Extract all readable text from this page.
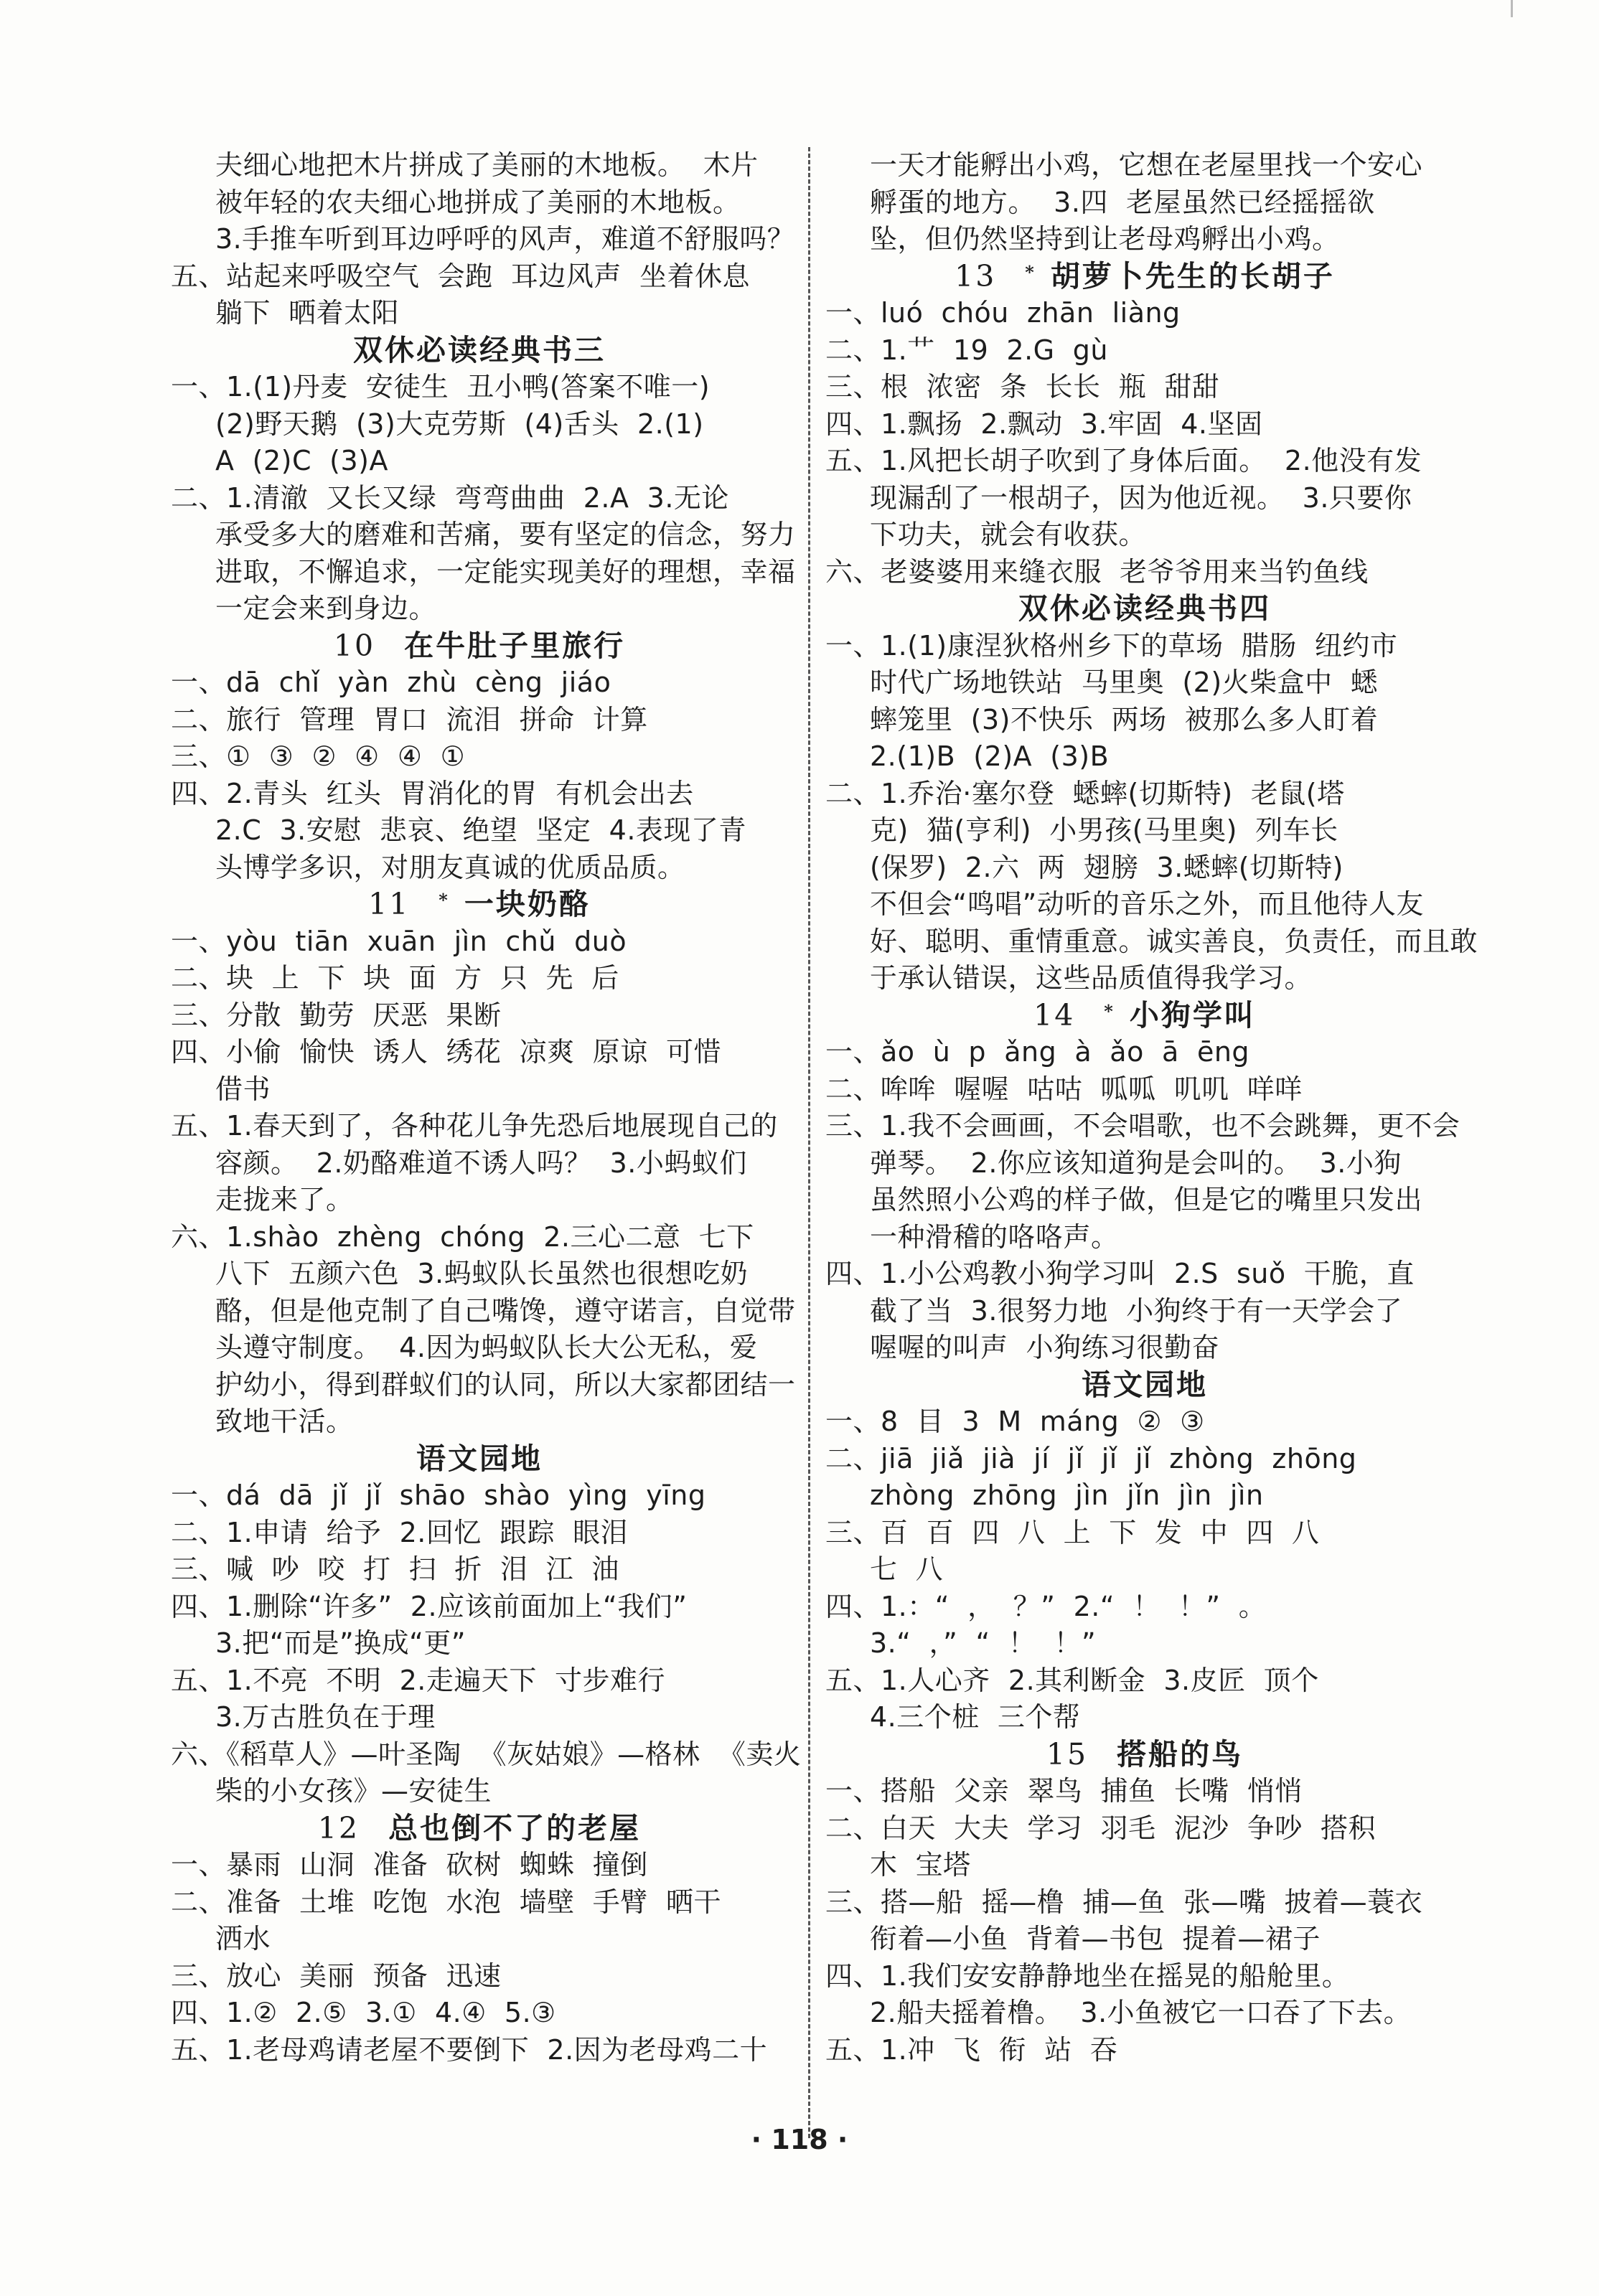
夫细心地把木片拼成了美丽的木地板。  木片
被年轻的农夫细心地拼成了美丽的木地板。
3.手推车听到耳边呼呼的风声，难道不舒服吗？
五、站起来呼吸空气  会跑  耳边风声  坐着休息
躺下  晒着太阳
双休必读经典书三
一、1.(1)丹麦  安徒生  丑小鸭(答案不唯一)
(2)野天鹅  (3)大克劳斯  (4)舌头  2.(1)
A  (2)C  (3)A
二、1.清澈  又长又绿  弯弯曲曲  2.A  3.无论
承受多大的磨难和苦痛，要有坚定的信念，努力
进取，不懈追求，一定能实现美好的理想，幸福
一定会来到身边。
10 在牛肚子里旅行
一、dā  chǐ  yàn  zhù  cèng  jiáo
二、旅行  管理  胃口  流泪  拼命  计算
三、①  ③  ②  ④  ④  ①
四、2.青头  红头  胃消化的胃  有机会出去
2.C  3.安慰  悲哀、绝望  坚定  4.表现了青
头博学多识，对朋友真诚的优质品质。
11 * 一块奶酪
一、yòu  tiān  xuān  jìn  chǔ  duò
二、块  上  下  块  面  方  只  先  后
三、分散  勤劳  厌恶  果断
四、小偷  愉快  诱人  绣花  凉爽  原谅  可惜
借书
五、1.春天到了，各种花儿争先恐后地展现自己的
容颜。  2.奶酪难道不诱人吗？  3.小蚂蚁们
走拢来了。
六、1.shào  zhèng  chóng  2.三心二意  七下
八下  五颜六色  3.蚂蚁队长虽然也很想吃奶
酪，但是他克制了自己嘴馋，遵守诺言，自觉带
头遵守制度。  4.因为蚂蚁队长大公无私，爱
护幼小，得到群蚁们的认同，所以大家都团结一
致地干活。
语文园地
一、dá  dā  jǐ  jǐ  shāo  shào  yìng  yīng
二、1.申请  给予  2.回忆  跟踪  眼泪
三、喊  吵  咬  打  扫  折  泪  江  油
四、1.删除“许多”  2.应该前面加上“我们”
3.把“而是”换成“更”
五、1.不亮  不明  2.走遍天下  寸步难行
3.万古胜负在于理
六、《稻草人》—叶圣陶  《灰姑娘》—格林  《卖火
柴的小女孩》—安徒生
12 总也倒不了的老屋
一、暴雨  山洞  准备  砍树  蜘蛛  撞倒
二、准备  土堆  吃饱  水泡  墙壁  手臂  晒干
洒水
三、放心  美丽  预备  迅速
四、1.②  2.⑤  3.①  4.④  5.③
五、1.老母鸡请老屋不要倒下  2.因为老母鸡二十
一天才能孵出小鸡，它想在老屋里找一个安心
孵蛋的地方。  3.四  老屋虽然已经摇摇欲
坠，但仍然坚持到让老母鸡孵出小鸡。
13 * 胡萝卜先生的长胡子
一、luó  chóu  zhān  liàng
二、1.艹  19  2.G  gù
三、根  浓密  条  长长  瓶  甜甜
四、1.飘扬  2.飘动  3.牢固  4.坚固
五、1.风把长胡子吹到了身体后面。  2.他没有发
现漏刮了一根胡子，因为他近视。  3.只要你
下功夫，就会有收获。
六、老婆婆用来缝衣服  老爷爷用来当钓鱼线
双休必读经典书四
一、1.(1)康涅狄格州乡下的草场  腊肠  纽约市
时代广场地铁站  马里奥  (2)火柴盒中  蟋
蟀笼里  (3)不快乐  两场  被那么多人盯着
2.(1)B  (2)A  (3)B
二、1.乔治·塞尔登  蟋蟀(切斯特)  老鼠(塔
克)  猫(亨利)  小男孩(马里奥)  列车长
(保罗)  2.六  两  翅膀  3.蟋蟀(切斯特)
不但会“鸣唱”动听的音乐之外，而且他待人友
好、聪明、重情重意。诚实善良，负责任，而且敢
于承认错误，这些品质值得我学习。
14 * 小狗学叫
一、ǎo  ù  p  ǎng  à  ǎo  ā  ēng
二、哞哞  喔喔  咕咕  呱呱  叽叽  咩咩
三、1.我不会画画，不会唱歌，也不会跳舞，更不会
弹琴。  2.你应该知道狗是会叫的。  3.小狗
虽然照小公鸡的样子做，但是它的嘴里只发出
一种滑稽的咯咯声。
四、1.小公鸡教小狗学习叫  2.S  suǒ  干脆，直
截了当  3.很努力地  小狗终于有一天学会了
喔喔的叫声  小狗练习很勤奋
语文园地
一、8  目  3  M  máng  ②  ③
二、jiā  jiǎ  jià  jí  jǐ  jǐ  jǐ  zhòng  zhōng
zhòng  zhōng  jìn  jǐn  jìn  jìn
三、百  百  四  八  上  下  发  中  四  八
七  八
四、1.：“  ，  ？”  2.“  ！  ！”  。
3.“  ，”  “  ！  ！”
五、1.人心齐  2.其利断金  3.皮匠  顶个
4.三个桩  三个帮
15 搭船的鸟
一、搭船  父亲  翠鸟  捕鱼  长嘴  悄悄
二、白天  大夫  学习  羽毛  泥沙  争吵  搭积
木  宝塔
三、搭—船  摇—橹  捕—鱼  张—嘴  披着—蓑衣
衔着—小鱼  背着—书包  提着—裙子
四、1.我们安安静静地坐在摇晃的船舱里。
2.船夫摇着橹。  3.小鱼被它一口吞了下去。
五、1.冲  飞  衔  站  吞
· 118 ·
